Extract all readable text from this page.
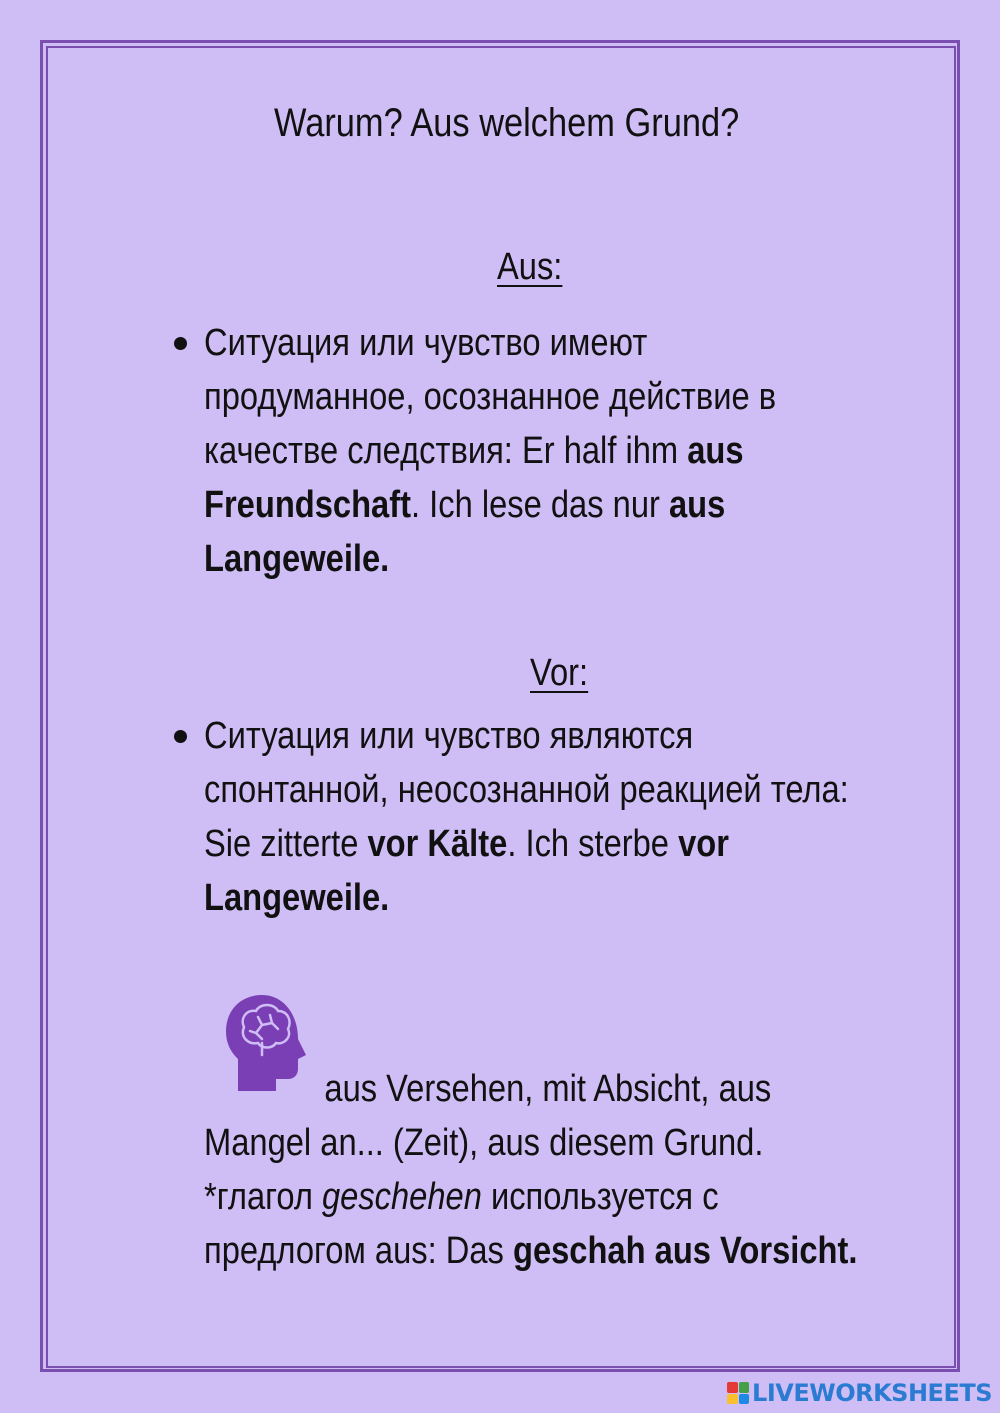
Warum? Aus welchem Grund?
Aus:
Ситуация или чувство имеют
продуманное, осознанное действие в
качестве следствия: Er half ihm aus
Freundschaft. Ich lese das nur aus
Langeweile.
Vor:
Ситуация или чувство являются
спонтанной, неосознанной реакцией тела:
Sie zitterte vor Kälte. Ich sterbe vor
Langeweile.
aus Versehen, mit Absicht, aus
Mangel an... (Zeit), aus diesem Grund.
*глагол geschehen используется с
предлогом aus: Das geschah aus Vorsicht.
LIVEWORKSHEETS
